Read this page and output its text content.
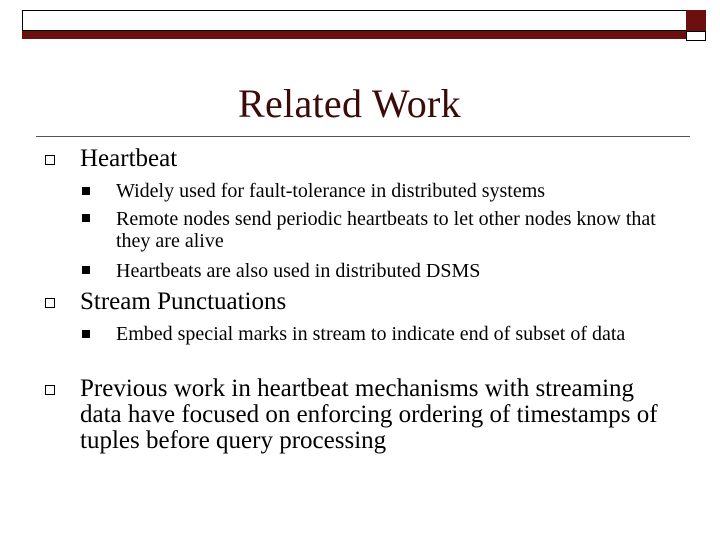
Related Work
Heartbeat
Widely used for fault-tolerance in distributed systems
Remote nodes send periodic heartbeats to let other nodes know that they are alive
Heartbeats are also used in distributed DSMS
Stream Punctuations
Embed special marks in stream to indicate end of subset of data
Previous work in heartbeat mechanisms with streaming data have focused on enforcing ordering of timestamps of tuples before query processing
